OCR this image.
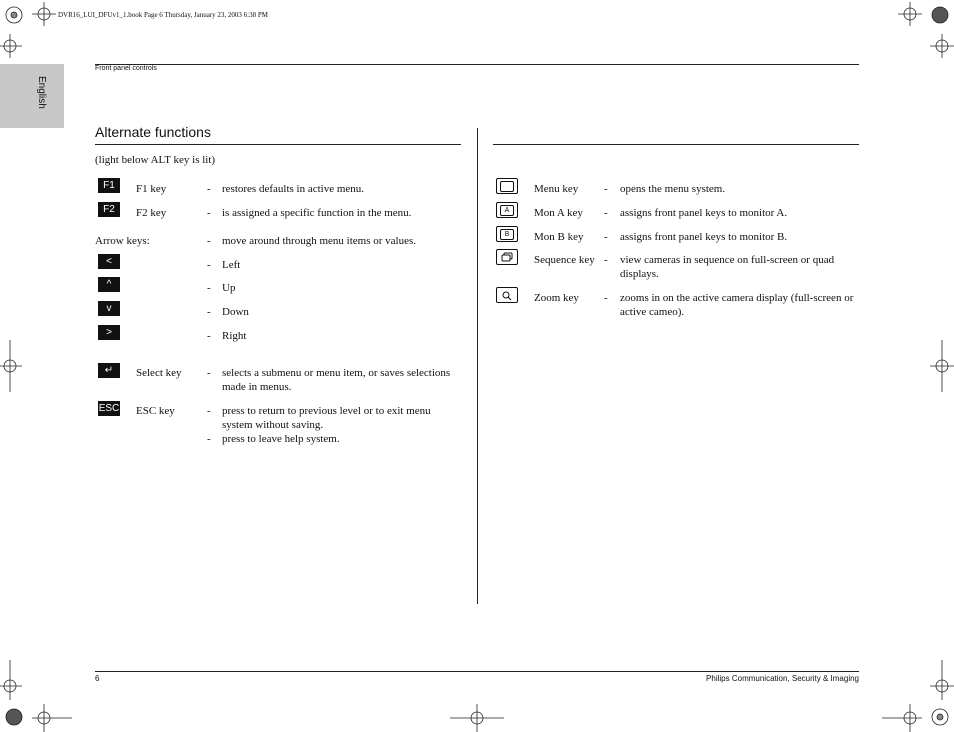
DVR16_LUI_DFUv1_1.book Page 6 Thursday, January 23, 2003 6:38 PM
English
Front panel controls
Alternate functions
(light below ALT key is lit)
F1	F1 key	- restores defaults in active menu.
F2	F2 key	- is assigned a specific function in the menu.
Arrow keys:	- move around through menu items or values.
<	- Left
^	- Up
v	- Down
>	- Right
↵	Select key - selects a submenu or menu item, or saves selections
made in menus.
ESC ESC key	- press to return to previous level or to exit menu
system without saving.
- press to leave help system.
Menu key - opens the menu system.
A	Mon A key - assigns front panel keys to monitor A.
B	Mon B key - assigns front panel keys to monitor B.
Sequence key - view cameras in sequence on full-screen or quad
displays.
Zoom key - zooms in on the active camera display (full-screen or
active cameo).
6	Philips Communication, Security & Imaging
